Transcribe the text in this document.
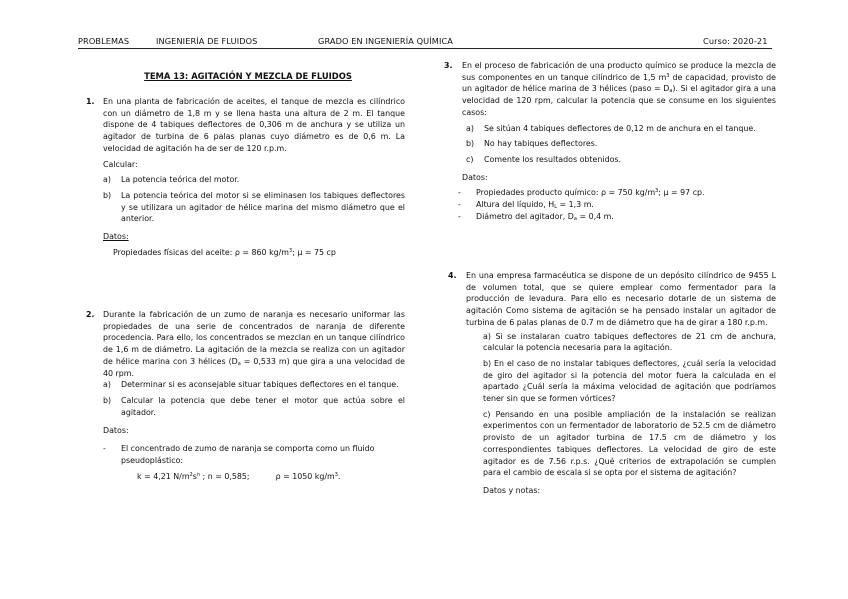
PROBLEMAS	INGENIERÍA DE FLUIDOS	GRADO EN INGENIERÍA QUÍMICA	Curso: 2020-21
TEMA 13: AGITACIÓN Y MEZCLA DE FLUIDOS
1. En una planta de fabricación de aceites, el tanque de mezcla es cilíndrico con un diámetro de 1,8 m y se llena hasta una altura de 2 m. El tanque dispone de 4 tabiques deflectores de 0,306 m de anchura y se utiliza un agitador de turbina de 6 palas planas cuyo diámetro es de 0,6 m. La velocidad de agitación ha de ser de 120 r.p.m.
Calcular:
a)	La potencia teórica del motor.
b)	La potencia teórica del motor si se eliminasen los tabiques deflectores y se utilizara un agitador de hélice marina del mismo diámetro que el anterior.
Datos:
Propiedades físicas del aceite: ρ = 860 $kg/m^3$; μ = 75 cp
2. Durante la fabricación de un zumo de naranja es necesario uniformar las propiedades de una serie de concentrados de naranja de diferente procedencia. Para ello, los concentrados se mezclan en un tanque cilíndrico de 1,6 m de diámetro. La agitación de la mezcla se realiza con un agitador de hélice marina con 3 hélices ($D_a = 0,533$ m) que gira a una velocidad de 40 rpm.
a)	Determinar si es aconsejable situar tabiques deflectores en el tanque.
b)	Calcular la potencia que debe tener el motor que actúa sobre el agitador.
Datos:
-	El concentrado de zumo de naranja se comporta como un fluido pseudoplástico:
k = 4,21 $N/m^2s^n$ ; n = 0,585;	ρ = 1050 $kg/m^3$.
3. En el proceso de fabricación de una producto químico se produce la mezcla de sus componentes en un tanque cilíndrico de 1,5 $m^3$ de capacidad, provisto de un agitador de hélice marina de 3 hélices (paso = $D_a$). Si el agitador gira a una velocidad de 120 rpm, calcular la potencia que se consume en los siguientes casos:
a)	Se sitúan 4 tabiques deflectores de 0,12 m de anchura en el tanque.
b)	No hay tabiques deflectores.
c)	Comente los resultados obtenidos.
Datos:
-	Propiedades producto químico: ρ = 750 $kg/m^3$; μ = 97 cp.
-	Altura del líquido, $H_L = 1,3$ m.
-	Diámetro del agitador, $D_a = 0,4$ m.
4. En una empresa farmacéutica se dispone de un depósito cilíndrico de 9455 L de volumen total, que se quiere emplear como fermentador para la producción de levadura. Para ello es necesario dotarle de un sistema de agitación Como sistema de agitación se ha pensado instalar un agitador de turbina de 6 palas planas de 0.7 m de diámetro que ha de girar a 180 r.p.m.
a) Si se instalaran cuatro tabiques deflectores de 21 cm de anchura, calcular la potencia necesaria para la agitación.
b) En el caso de no instalar tabiques deflectores, ¿cuál sería la velocidad de giro del agitador si la potencia del motor fuera la calculada en el apartado ¿Cuál sería la máxima velocidad de agitación que podríamos tener sin que se formen vórtices?
c) Pensando en una posible ampliación de la instalación se realizan experimentos con un fermentador de laboratorio de 52.5 cm de diámetro provisto de un agitador turbina de 17.5 cm de diámetro y los correspondientes tabiques deflectores. La velocidad de giro de este agitador es de 7.56 r.p.s. ¿Qué criterios de extrapolación se cumplen para el cambio de escala si se opta por el sistema de agitación?
Datos y notas:
